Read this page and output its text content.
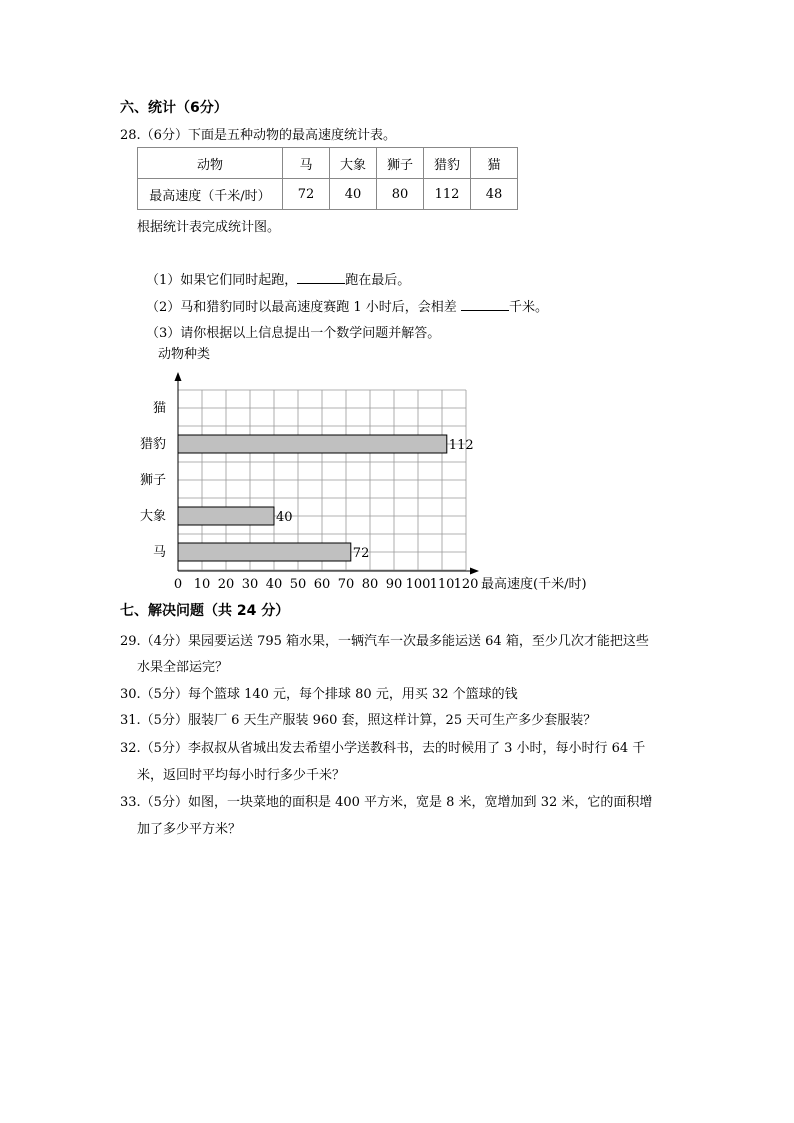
六、统计（6分）
28.（6分）下面是五种动物的最高速度统计表。
动物	马	大象	狮子	猎豹	猫
最高速度（千米/时）	72	40	80	112	48
根据统计表完成统计图。
（1）如果它们同时起跑，	跑在最后。
（2）马和猎豹同时以最高速度赛跑 1 小时后，会相差	千米。
（3）请你根据以上信息提出一个数学问题并解答。
动物种类
112
40
72
猫
猎豹
狮子
大象
马
0 10 20 30 40 50 60 70 80 90 100 110 120 最高速度(千米/时)
七、解决问题（共 24 分）
29.（4分）果园要运送 795 箱水果，一辆汽车一次最多能运送 64 箱，至少几次才能把这些
水果全部运完？
30.（5分）每个篮球 140 元，每个排球 80 元，用买 32 个篮球的钱
31.（5分）服装厂 6 天生产服装 960 套，照这样计算，25 天可生产多少套服装？
32.（5分）李叔叔从省城出发去希望小学送教科书，去的时候用了 3 小时，每小时行 64 千
米，返回时平均每小时行多少千米？
33.（5分）如图，一块菜地的面积是 400 平方米，宽是 8 米，宽增加到 32 米，它的面积增
加了多少平方米？
